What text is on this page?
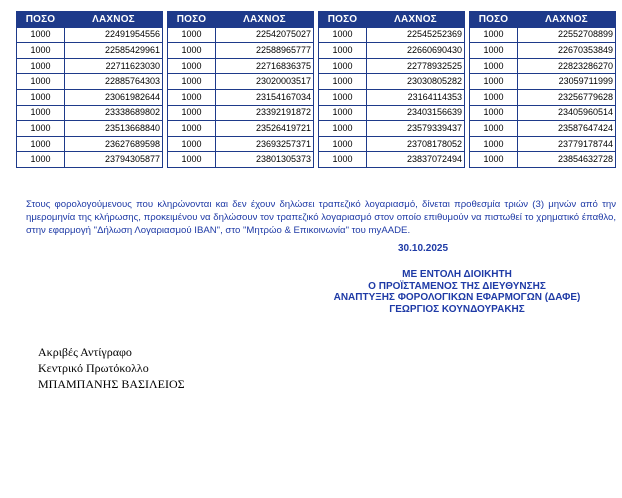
ΠΟΣΟ	ΛΑΧΝΟΣ
1000	22491954556
1000	22585429961
1000	22711623030
1000	22885764303
1000	23061982644
1000	23338689802
1000	23513668840
1000	23627689598
1000	23794305877
ΠΟΣΟ	ΛΑΧΝΟΣ
1000	22542075027
1000	22588965777
1000	22716836375
1000	23020003517
1000	23154167034
1000	23392191872
1000	23526419721
1000	23693257371
1000	23801305373
ΠΟΣΟ	ΛΑΧΝΟΣ
1000	22545252369
1000	22660690430
1000	22778932525
1000	23030805282
1000	23164114353
1000	23403156639
1000	23579339437
1000	23708178052
1000	23837072494
ΠΟΣΟ	ΛΑΧΝΟΣ
1000	22552708899
1000	22670353849
1000	22823286270
1000	23059711999
1000	23256779628
1000	23405960514
1000	23587647424
1000	23779178744
1000	23854632728

Στους φορολογούμενους που κληρώνονται και δεν έχουν δηλώσει τραπεζικό λογαριασμό, δίνεται προθεσμία τριών (3) μηνών από την ημερομηνία της κλήρωσης, προκειμένου να δηλώσουν τον τραπεζικό λογαριασμό στον οποίο επιθυμούν να πιστωθεί το χρηματικό έπαθλο, στην εφαρμογή "Δήλωση Λογαριασμού IBAN", στο "Μητρώο & Επικοινωνία" του myAADE.

30.10.2025
ΜΕ ΕΝΤΟΛΗ ΔΙΟΙΚΗΤΗ
Ο ΠΡΟΪΣΤΑΜΕΝΟΣ ΤΗΣ ΔΙΕΥΘΥΝΣΗΣ
ΑΝΑΠΤΥΞΗΣ ΦΟΡΟΛΟΓΙΚΩΝ ΕΦΑΡΜΟΓΩΝ (ΔΑΦΕ)
ΓΕΩΡΓΙΟΣ ΚΟΥΝΔΟΥΡΑΚΗΣ
Ακριβές Αντίγραφο
Κεντρικό Πρωτόκολλο
ΜΠΑΜΠΑΝΗΣ ΒΑΣΙΛΕΙΟΣ
